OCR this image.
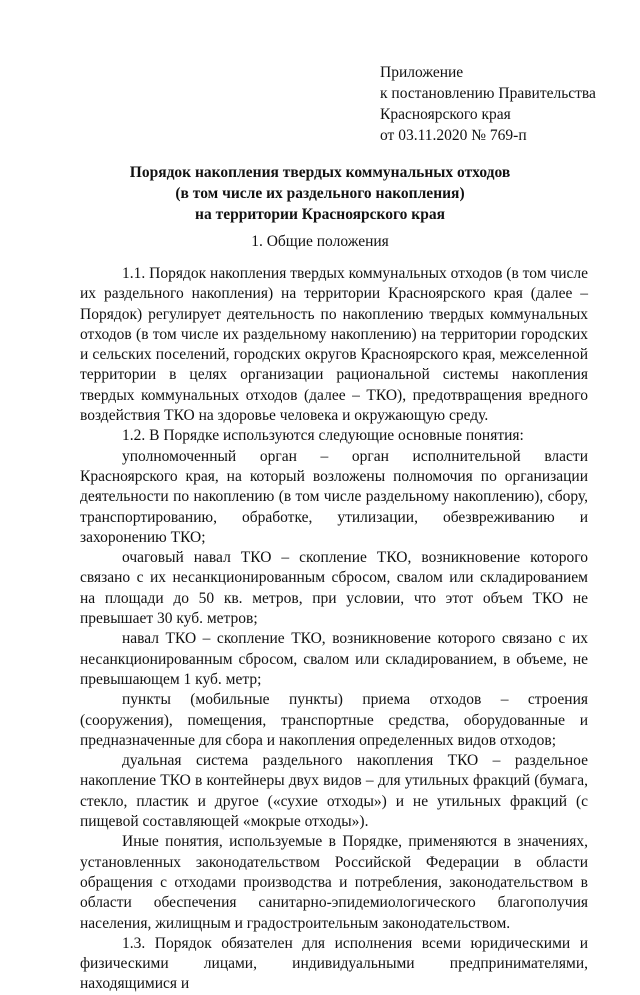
Приложение
к постановлению Правительства
Красноярского края
от 03.11.2020 № 769-п
Порядок накопления твердых коммунальных отходов
(в том числе их раздельного накопления)
на территории Красноярского края
1. Общие положения

1.1. Порядок накопления твердых коммунальных отходов (в том числе их раздельного накопления) на территории Красноярского края (далее – Порядок) регулирует деятельность по накоплению твердых коммунальных отходов (в том числе их раздельному накоплению) на территории городских и сельских поселений, городских округов Красноярского края, межселенной территории в целях организации рациональной системы накопления твердых коммунальных отходов (далее – ТКО), предотвращения вредного воздействия ТКО на здоровье человека и окружающую среду.

1.2. В Порядке используются следующие основные понятия:

уполномоченный орган – орган исполнительной власти Красноярского края, на который возложены полномочия по организации деятельности по накоплению (в том числе раздельному накоплению), сбору, транспортированию, обработке, утилизации, обезвреживанию и захоронению ТКО;

очаговый навал ТКО – скопление ТКО, возникновение которого связано с их несанкционированным сбросом, свалом или складированием на площади до 50 кв. метров, при условии, что этот объем ТКО не превышает 30 куб. метров;

навал ТКО – скопление ТКО, возникновение которого связано с их несанкционированным сбросом, свалом или складированием, в объеме, не превышающем 1 куб. метр;

пункты (мобильные пункты) приема отходов – строения (сооружения), помещения, транспортные средства, оборудованные и предназначенные для сбора и накопления определенных видов отходов;

дуальная система раздельного накопления ТКО – раздельное накопление ТКО в контейнеры двух видов – для утильных фракций (бумага, стекло, пластик и другое («сухие отходы») и не утильных фракций (с пищевой составляющей «мокрые отходы»).

Иные понятия, используемые в Порядке, применяются в значениях, установленных законодательством Российской Федерации в области обращения с отходами производства и потребления, законодательством в области обеспечения санитарно-эпидемиологического благополучия населения, жилищным и градостроительным законодательством.

1.3. Порядок обязателен для исполнения всеми юридическими и физическими лицами, индивидуальными предпринимателями, находящимися и
